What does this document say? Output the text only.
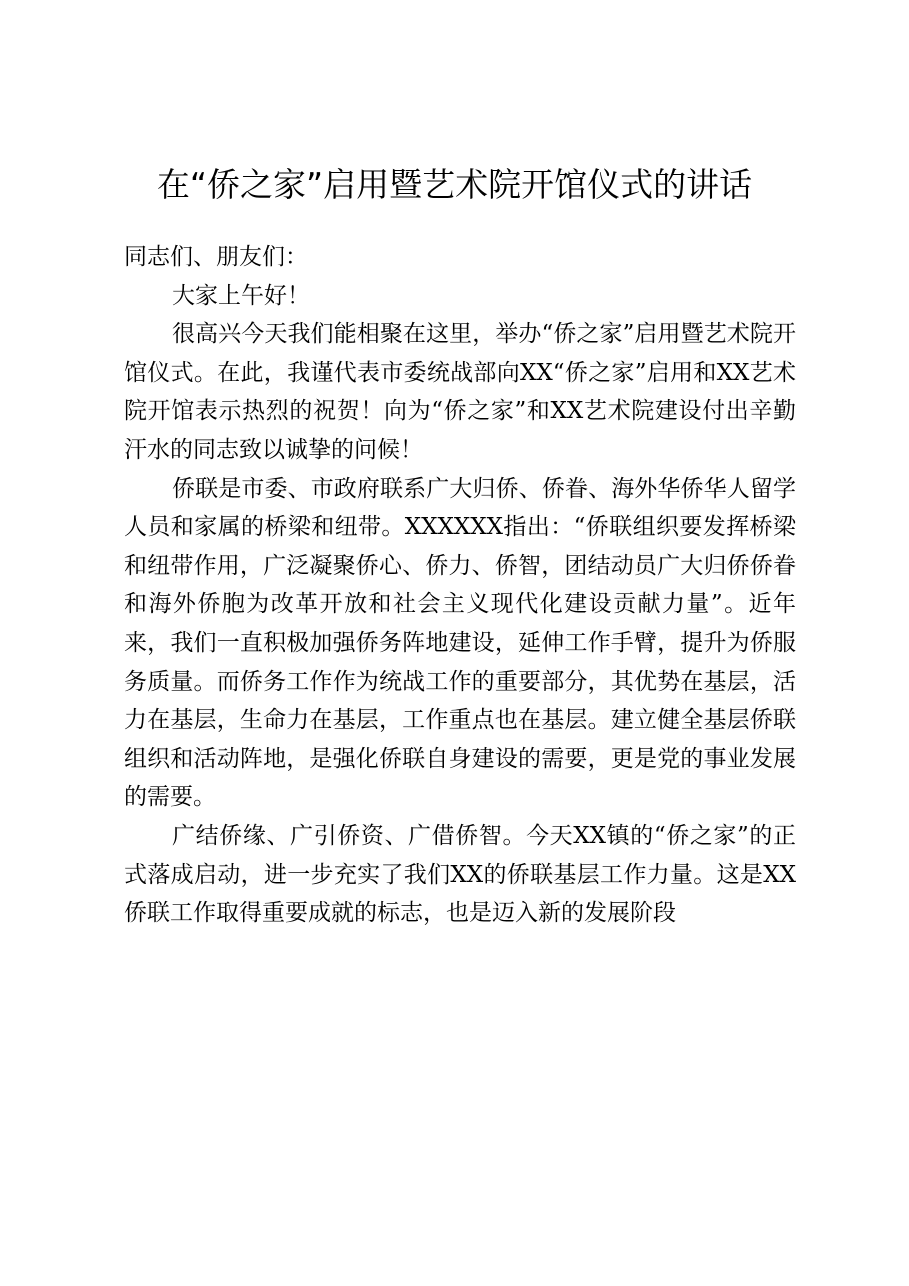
在“侨之家”启用暨艺术院开馆仪式的讲话

同志们、朋友们：

大家上午好！

很高兴今天我们能相聚在这里，举办“侨之家”启用暨艺术院开馆仪式。在此，我谨代表市委统战部向XX“侨之家”启用和XX艺术院开馆表示热烈的祝贺！向为“侨之家”和XX艺术院建设付出辛勤汗水的同志致以诚挚的问候！

侨联是市委、市政府联系广大归侨、侨眷、海外华侨华人留学人员和家属的桥梁和纽带。XXXXXX指出：“侨联组织要发挥桥梁和纽带作用，广泛凝聚侨心、侨力、侨智，团结动员广大归侨侨眷和海外侨胞为改革开放和社会主义现代化建设贡献力量”。近年来，我们一直积极加强侨务阵地建设，延伸工作手臂，提升为侨服务质量。而侨务工作作为统战工作的重要部分，其优势在基层，活力在基层，生命力在基层，工作重点也在基层。建立健全基层侨联组织和活动阵地，是强化侨联自身建设的需要，更是党的事业发展的需要。

广结侨缘、广引侨资、广借侨智。今天XX镇的“侨之家”的正式落成启动，进一步充实了我们XX的侨联基层工作力量。这是XX侨联工作取得重要成就的标志，也是迈入新的发展阶段
